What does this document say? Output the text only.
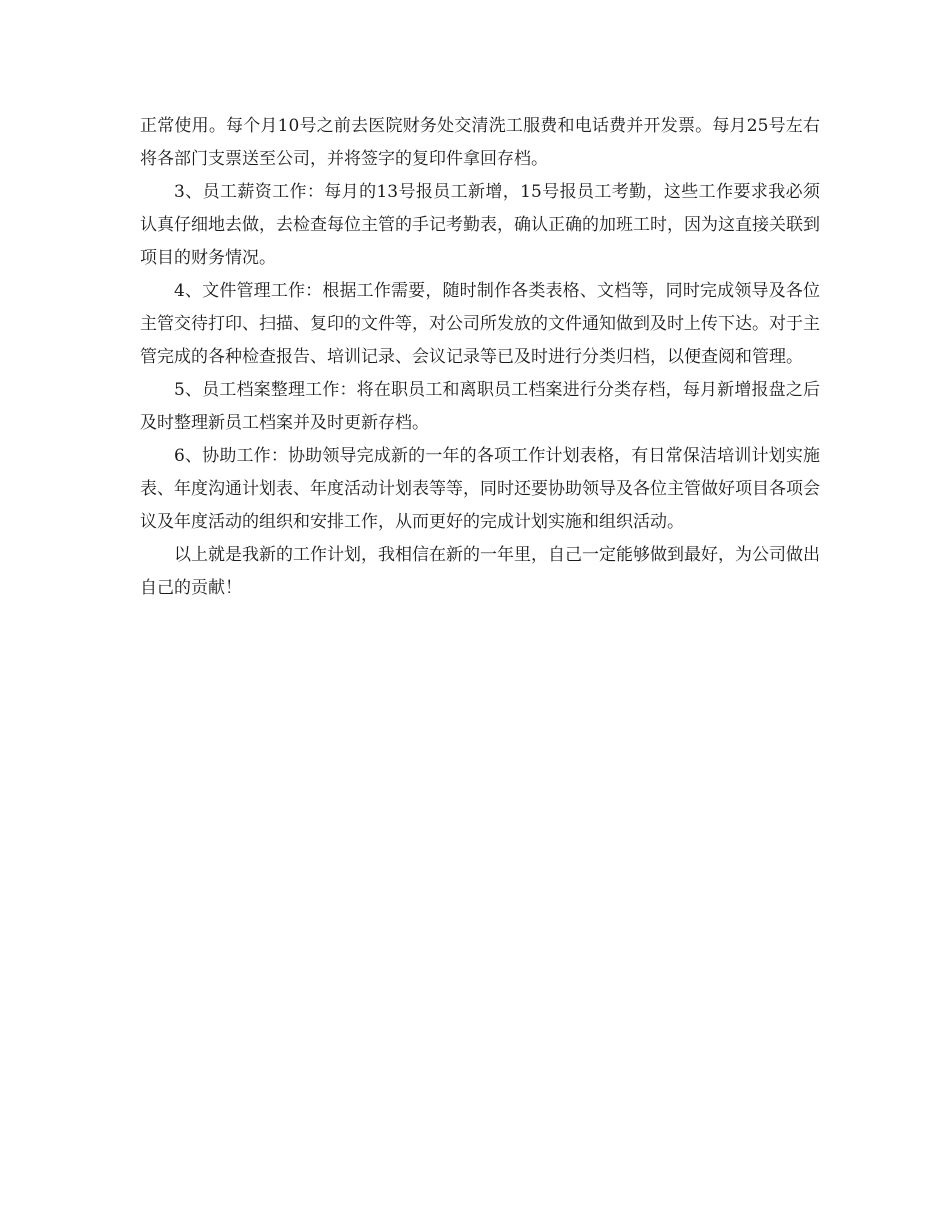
正常使用。每个月10号之前去医院财务处交清洗工服费和电话费并开发票。每月25号左右将各部门支票送至公司，并将签字的复印件拿回存档。

3、员工薪资工作：每月的13号报员工新增，15号报员工考勤，这些工作要求我必须认真仔细地去做，去检查每位主管的手记考勤表，确认正确的加班工时，因为这直接关联到项目的财务情况。

4、文件管理工作：根据工作需要，随时制作各类表格、文档等，同时完成领导及各位主管交待打印、扫描、复印的文件等，对公司所发放的文件通知做到及时上传下达。对于主管完成的各种检查报告、培训记录、会议记录等已及时进行分类归档，以便查阅和管理。

5、员工档案整理工作：将在职员工和离职员工档案进行分类存档，每月新增报盘之后及时整理新员工档案并及时更新存档。

6、协助工作：协助领导完成新的一年的各项工作计划表格，有日常保洁培训计划实施表、年度沟通计划表、年度活动计划表等等，同时还要协助领导及各位主管做好项目各项会议及年度活动的组织和安排工作，从而更好的完成计划实施和组织活动。

以上就是我新的工作计划，我相信在新的一年里，自己一定能够做到最好，为公司做出自己的贡献！
